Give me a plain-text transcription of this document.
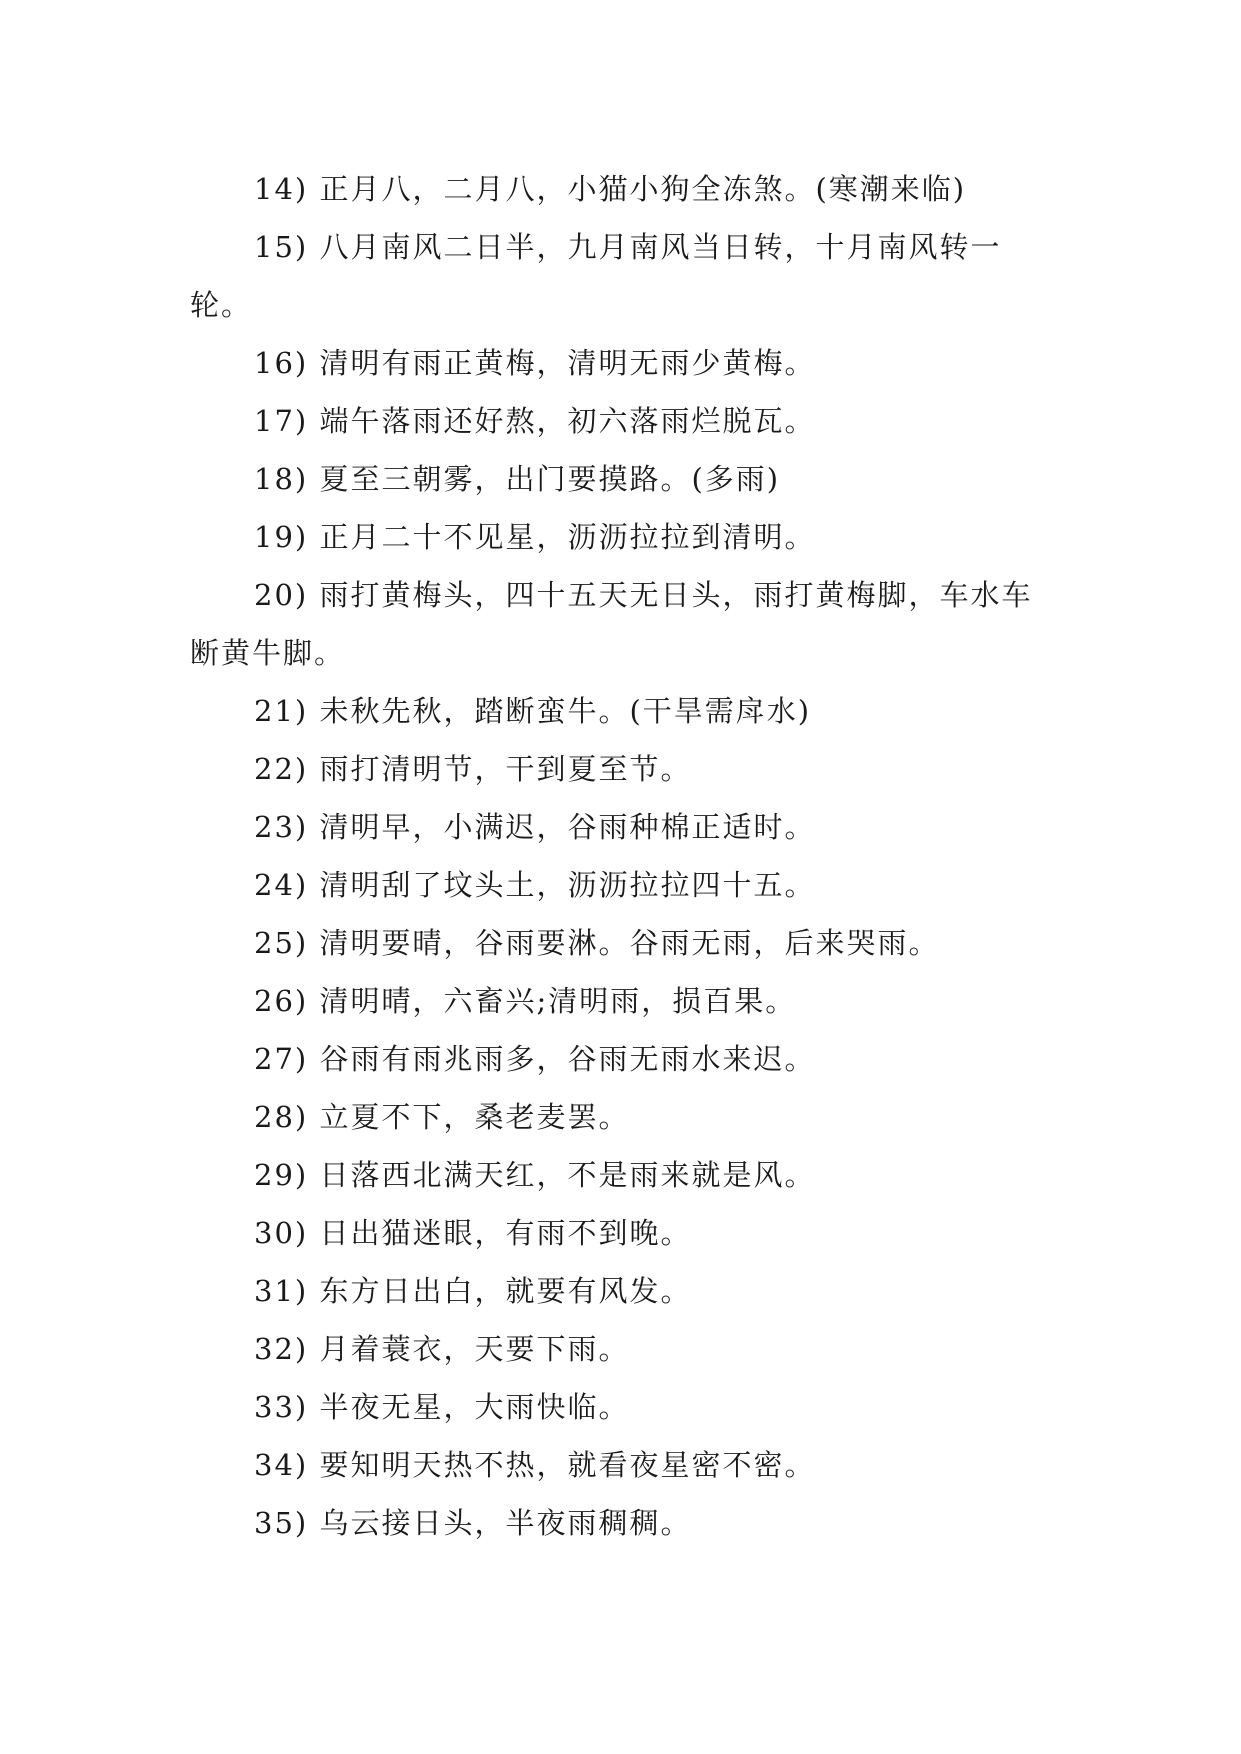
14) 正月八，二月八，小猫小狗全冻煞。(寒潮来临)

15) 八月南风二日半，九月南风当日转，十月南风转一轮。

16) 清明有雨正黄梅，清明无雨少黄梅。

17) 端午落雨还好熬，初六落雨烂脱瓦。

18) 夏至三朝雾，出门要摸路。(多雨)

19) 正月二十不见星，沥沥拉拉到清明。

20) 雨打黄梅头，四十五天无日头，雨打黄梅脚，车水车断黄牛脚。

21) 未秋先秋，踏断蛮牛。(干旱需戽水)

22) 雨打清明节，干到夏至节。

23) 清明早，小满迟，谷雨种棉正适时。

24) 清明刮了坟头土，沥沥拉拉四十五。

25) 清明要晴，谷雨要淋。谷雨无雨，后来哭雨。

26) 清明晴，六畜兴;清明雨，损百果。

27) 谷雨有雨兆雨多，谷雨无雨水来迟。

28) 立夏不下，桑老麦罢。

29) 日落西北满天红，不是雨来就是风。

30) 日出猫迷眼，有雨不到晚。

31) 东方日出白，就要有风发。

32) 月着蓑衣，天要下雨。

33) 半夜无星，大雨快临。

34) 要知明天热不热，就看夜星密不密。

35) 乌云接日头，半夜雨稠稠。
